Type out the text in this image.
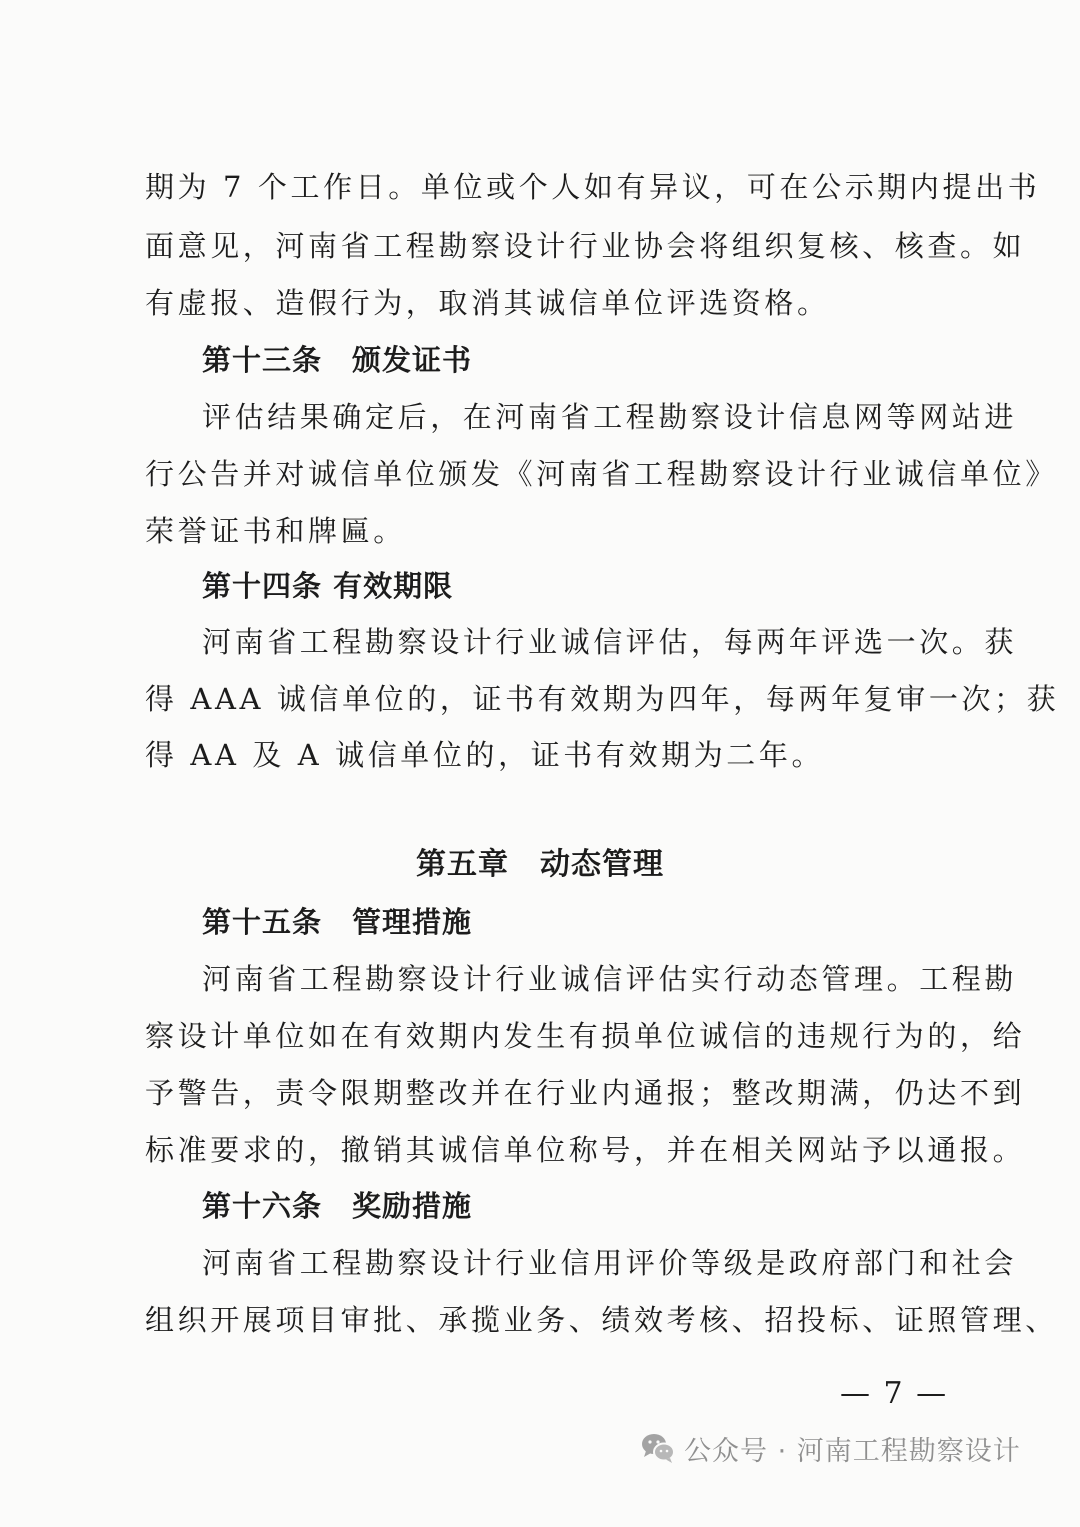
期为 7 个工作日。单位或个人如有异议，可在公示期内提出书
面意见，河南省工程勘察设计行业协会将组织复核、核查。如
有虚报、造假行为，取消其诚信单位评选资格。
第十三条　颁发证书
评估结果确定后，在河南省工程勘察设计信息网等网站进
行公告并对诚信单位颁发《河南省工程勘察设计行业诚信单位》
荣誉证书和牌匾。
第十四条 有效期限
河南省工程勘察设计行业诚信评估，每两年评选一次。获
得 AAA 诚信单位的，证书有效期为四年，每两年复审一次；获
得 AA 及 A 诚信单位的，证书有效期为二年。
第五章　动态管理
第十五条　管理措施
河南省工程勘察设计行业诚信评估实行动态管理。工程勘
察设计单位如在有效期内发生有损单位诚信的违规行为的，给
予警告，责令限期整改并在行业内通报；整改期满，仍达不到
标准要求的，撤销其诚信单位称号，并在相关网站予以通报。
第十六条　奖励措施
河南省工程勘察设计行业信用评价等级是政府部门和社会
组织开展项目审批、承揽业务、绩效考核、招投标、证照管理、
— 7 —
公众号 · 河南工程勘察设计
